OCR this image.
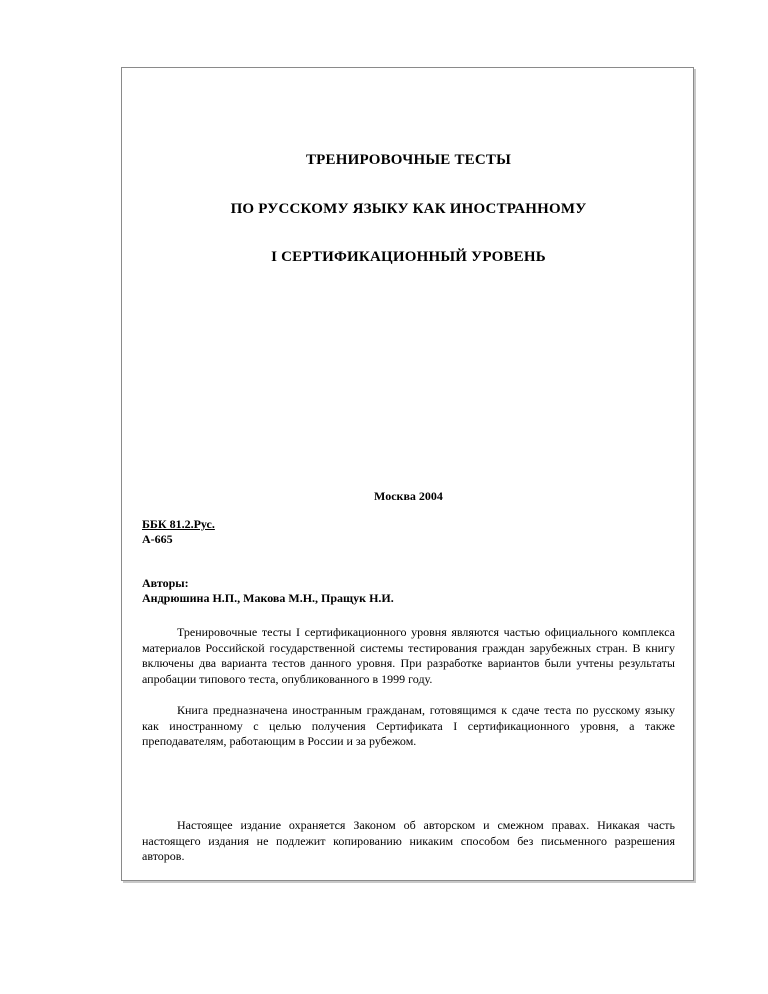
ТРЕНИРОВОЧНЫЕ ТЕСТЫ
ПО РУССКОМУ ЯЗЫКУ КАК ИНОСТРАННОМУ
I СЕРТИФИКАЦИОННЫЙ УРОВЕНЬ
Москва 2004
ББК 81.2.Рус.
А-665
Авторы:
Андрюшина Н.П., Макова М.Н., Пращук Н.И.

Тренировочные тесты I сертификационного уровня являются частью официального комплекса материалов Российской государственной системы тестирования граждан зарубежных стран. В книгу включены два варианта тестов данного уровня. При разработке вариантов были учтены результаты апробации типового теста, опубликованного в 1999 году.

Книга предназначена иностранным гражданам, готовящимся к сдаче теста по русскому языку как иностранному с целью получения Сертификата I сертификационного уровня, а также преподавателям, работающим в России и за рубежом.

Настоящее издание охраняется Законом об авторском и смежном правах. Никакая часть настоящего издания не подлежит копированию никаким способом без письменного разрешения авторов.
